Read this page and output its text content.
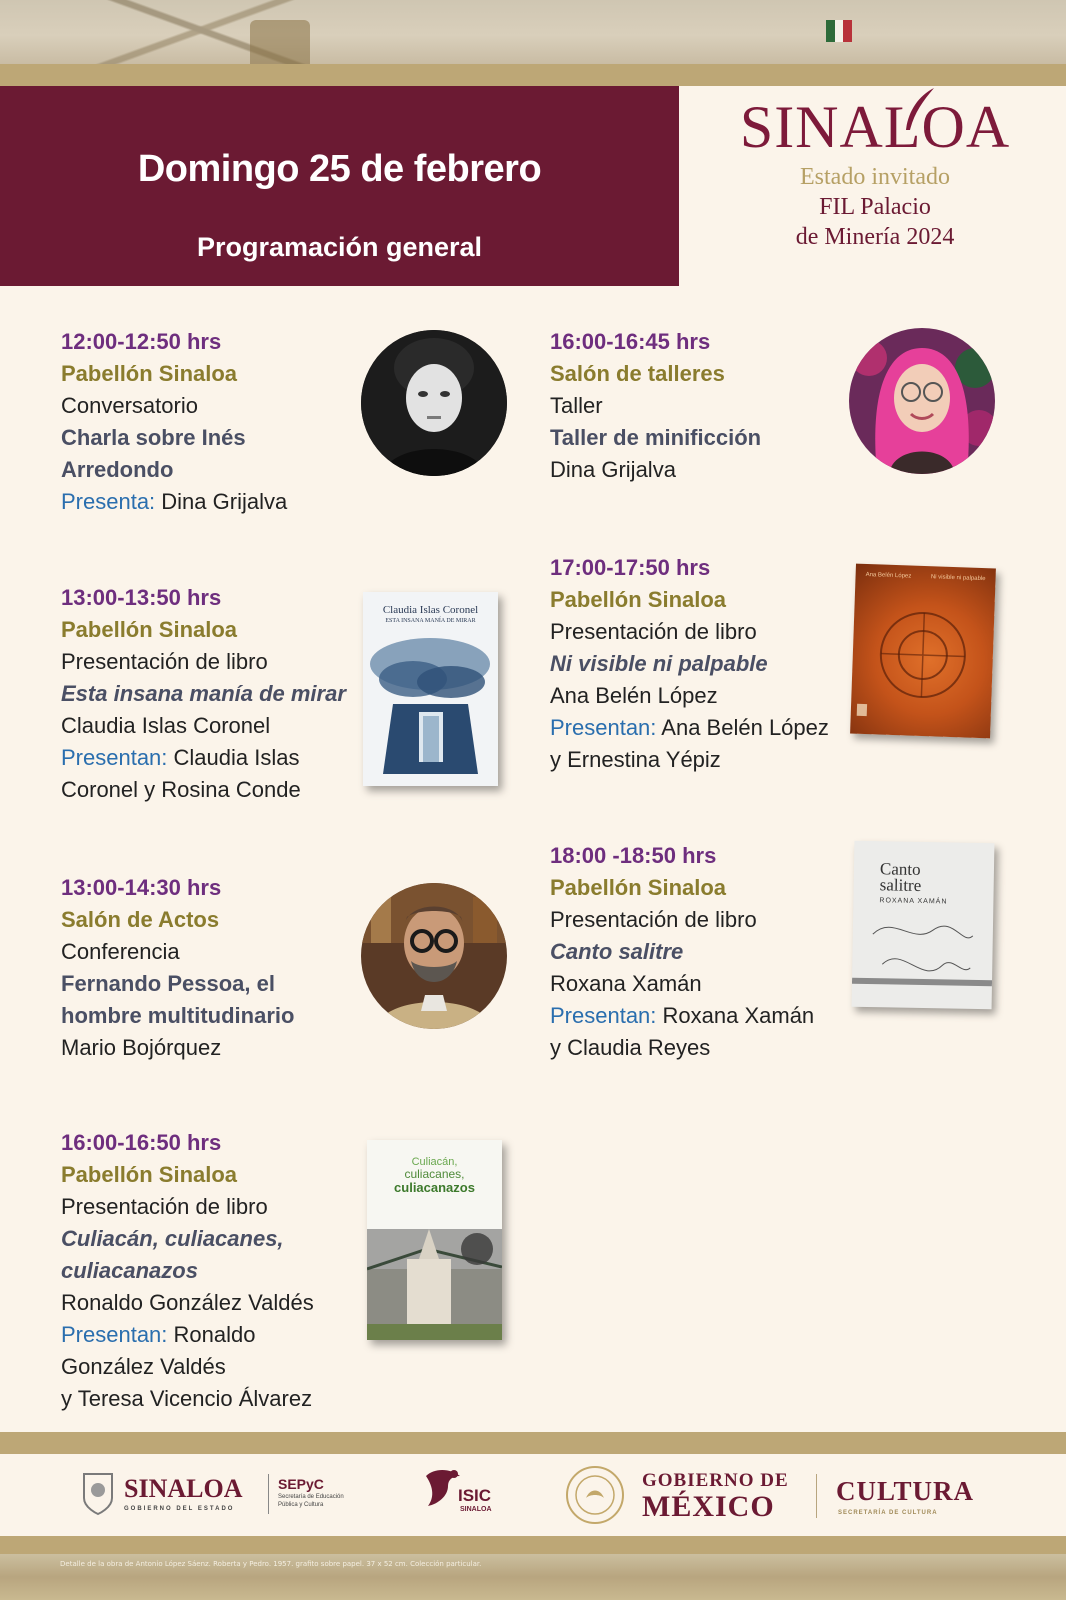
Domingo 25 de febrero
Programación general
SINALOA
Estado invitado
FIL Palacio
de Minería 2024
12:00-12:50 hrs
Pabellón Sinaloa
Conversatorio
Charla sobre Inés
Arredondo
Presenta: Dina Grijalva
13:00-13:50 hrs
Pabellón Sinaloa
Presentación de libro
Esta insana manía de mirar
Claudia Islas Coronel
Presentan: Claudia Islas
Coronel y Rosina Conde
Claudia Islas Coronel
ESTA INSANA MANÍA DE MIRAR
13:00-14:30 hrs
Salón de Actos
Conferencia
Fernando Pessoa, el
hombre multitudinario
Mario Bojórquez
16:00-16:50 hrs
Pabellón Sinaloa
Presentación de libro
Culiacán, culiacanes,
culiacanazos
Ronaldo González Valdés
Presentan: Ronaldo
González Valdés
y Teresa Vicencio Álvarez
Culiacán,
culiacanes,
culiacanazos
16:00-16:45 hrs
Salón de talleres
Taller
Taller de minificción
Dina Grijalva
17:00-17:50 hrs
Pabellón Sinaloa
Presentación de libro
Ni visible ni palpable
Ana Belén López
Presentan: Ana Belén López
y Ernestina Yépiz
Ana Belén López	Ni visible ni palpable
18:00 -18:50 hrs
Pabellón Sinaloa
Presentación de libro
Canto salitre
Roxana Xamán
Presentan: Roxana Xamán
y Claudia Reyes
Canto
salitre
ROXANA XAMÁN
SINALOA
GOBIERNO DEL ESTADO
SEPyC
Secretaría de Educación
Pública y Cultura	ISIC
SINALOA
GOBIERNO DE
MÉXICO CULTURA
SECRETARÍA DE CULTURA
Detalle de la obra de Antonio López Sáenz. Roberta y Pedro. 1957. grafito sobre papel. 37 x 52 cm. Colección particular.
